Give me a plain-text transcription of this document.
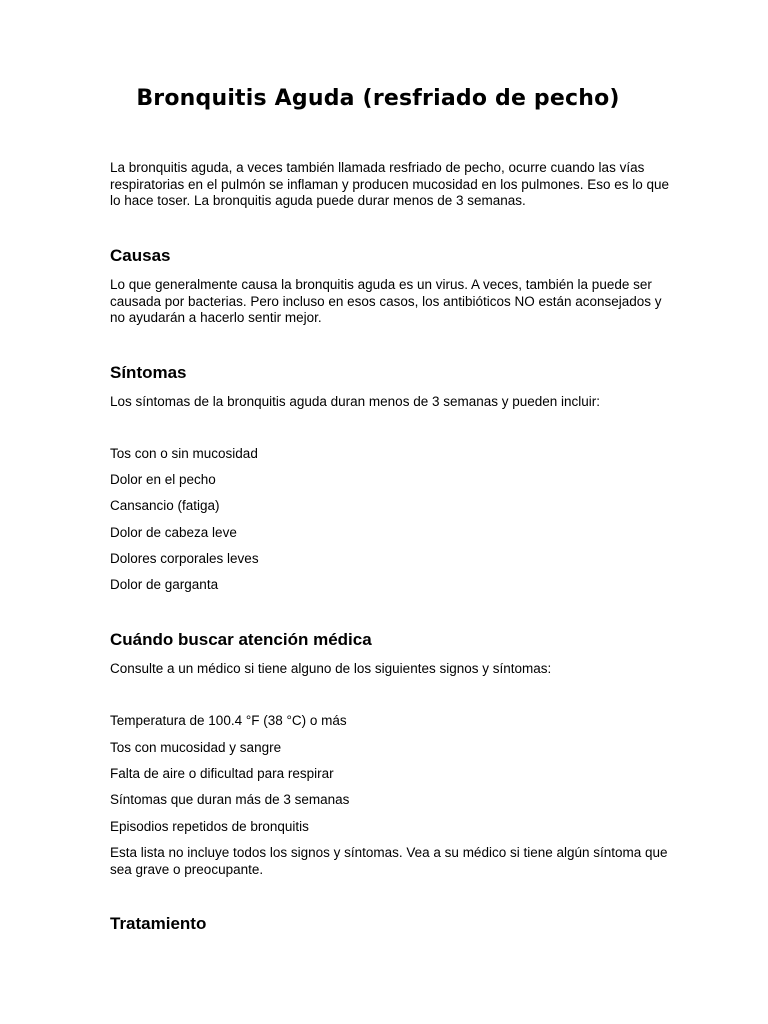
Bronquitis Aguda (resfriado de pecho)

La bronquitis aguda, a veces también llamada resfriado de pecho, ocurre cuando las vías respiratorias en el pulmón se inflaman y producen mucosidad en los pulmones. Eso es lo que lo hace toser. La bronquitis aguda puede durar menos de 3 semanas.

Causas

Lo que generalmente causa la bronquitis aguda es un virus. A veces, también la puede ser causada por bacterias. Pero incluso en esos casos, los antibióticos NO están aconsejados y no ayudarán a hacerlo sentir mejor.

Síntomas

Los síntomas de la bronquitis aguda duran menos de 3 semanas y pueden incluir:

Tos con o sin mucosidad

Dolor en el pecho

Cansancio (fatiga)

Dolor de cabeza leve

Dolores corporales leves

Dolor de garganta

Cuándo buscar atención médica

Consulte a un médico si tiene alguno de los siguientes signos y síntomas:

Temperatura de 100.4 °F (38 °C) o más

Tos con mucosidad y sangre

Falta de aire o dificultad para respirar

Síntomas que duran más de 3 semanas

Episodios repetidos de bronquitis

Esta lista no incluye todos los signos y síntomas. Vea a su médico si tiene algún síntoma que sea grave o preocupante.

Tratamiento
